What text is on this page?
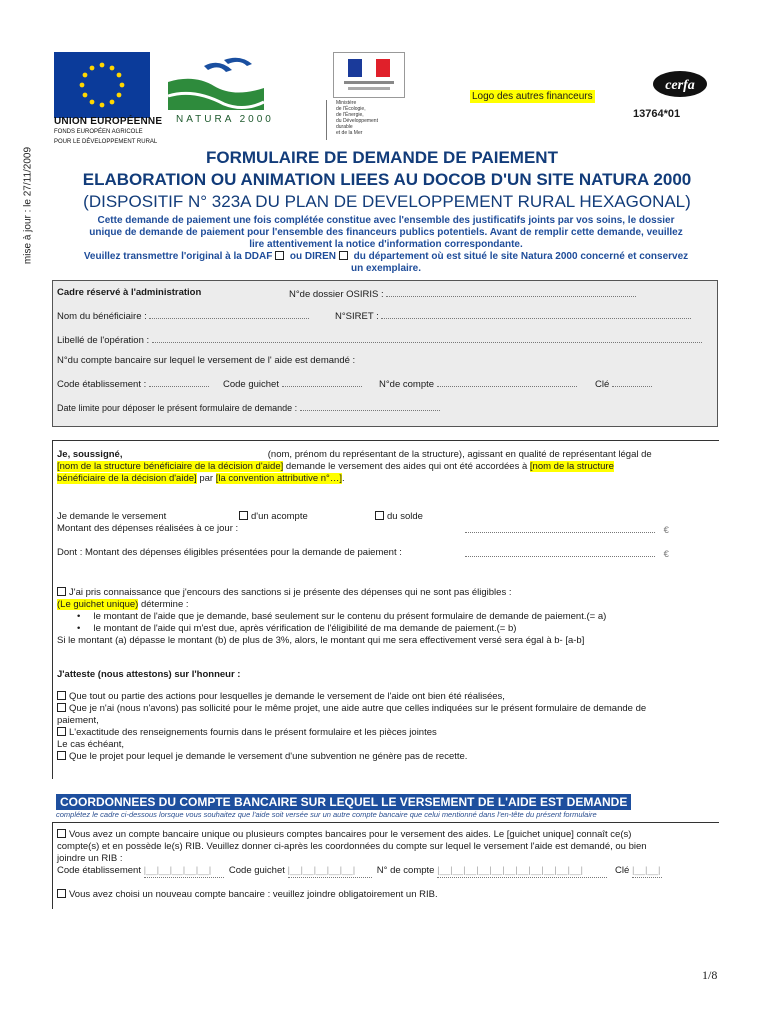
mise à jour : le 27/11/2009
UNION EUROPÉENNE
FONDS EUROPÉEN AGRICOLE
POUR LE DÉVELOPPEMENT RURAL
NATURA 2000
Ministère
de l'Écologie,
de l'Énergie,
du Développement
durable
et de la Mer
Logo des autres financeurs
cerfa
13764*01
FORMULAIRE DE DEMANDE DE PAIEMENT
ELABORATION OU ANIMATION LIEES AU DOCOB D'UN SITE NATURA 2000
(DISPOSITIF N° 323A DU PLAN DE DEVELOPPEMENT RURAL HEXAGONAL)
Cette demande de paiement une fois complétée constitue avec l'ensemble des justificatifs joints par vos soins, le dossier
unique de demande de paiement pour l'ensemble des financeurs publics potentiels. Avant de remplir cette demande, veuillez
lire attentivement la notice d'information correspondante.
Veuillez transmettre l'original à la DDAF ou DIREN du département où est situé le site Natura 2000 concerné et conservez
un exemplaire.
Cadre réservé à l'administration	N°de dossier OSIRIS :
Nom du bénéficiaire :	N°SIRET :
Libellé de l'opération :
N°du compte bancaire sur lequel le versement de l' aide est demandé :
Code établissement :	Code guichet	N°de compte	Clé
Date limite pour déposer le présent formulaire de demande :
Je, soussigné,	(nom, prénom du représentant de la structure), agissant en qualité de représentant légal de
[nom de la structure bénéficiaire de la décision d'aide] demande le versement des aides qui ont été accordées à [nom de la structure
bénéficiaire de la décision d'aide] par [la convention attributive n°…].
Je demande le versement	d'un acompte	du solde
Montant des dépenses réalisées à ce jour :	€
Dont : Montant des dépenses éligibles présentées pour la demande de paiement :	€
J'ai pris connaissance que j'encours des sanctions si je présente des dépenses qui ne sont pas éligibles :
(Le guichet unique) détermine :
•     le montant de l'aide que je demande, basé seulement sur le contenu du présent formulaire de demande de paiement.(= a)
•     le montant de l'aide qui m'est due, après vérification de l'éligibilité de ma demande de paiement.(= b)
Si le montant (a) dépasse le montant (b) de plus de 3%, alors, le montant qui me sera effectivement versé sera égal à b- [a-b]
J'atteste (nous attestons) sur l'honneur :
Que tout ou partie des actions pour lesquelles je demande le versement de l'aide ont bien été réalisées,
Que je n'ai (nous n'avons) pas sollicité pour le même projet, une aide autre que celles indiquées sur le présent formulaire de demande de
paiement,
L'exactitude des renseignements fournis dans le présent formulaire et les pièces jointes
Le cas échéant,
Que le projet pour lequel je demande le versement d'une subvention ne génère pas de recette.
COORDONNEES DU COMPTE BANCAIRE SUR LEQUEL LE VERSEMENT DE L'AIDE EST DEMANDE
complétez le cadre ci-dessous lorsque vous souhaitez que l'aide soit versée sur un autre compte bancaire que celui mentionné dans l'en-tête du présent formulaire
Vous avez un compte bancaire unique ou plusieurs comptes bancaires pour le versement des aides. Le [guichet unique] connaît ce(s)
compte(s) et en possède le(s) RIB. Veuillez donner ci-après les coordonnées du compte sur lequel le versement l'aide est demandé, ou bien
joindre un RIB :
Code établissement |__|__|__|__|__| Code guichet |__|__|__|__|__| N° de compte |__|__|__|__|__|__|__|__|__|__|__|	Clé |__|__|
Vous avez choisi un nouveau compte bancaire : veuillez joindre obligatoirement un RIB.
1/8
